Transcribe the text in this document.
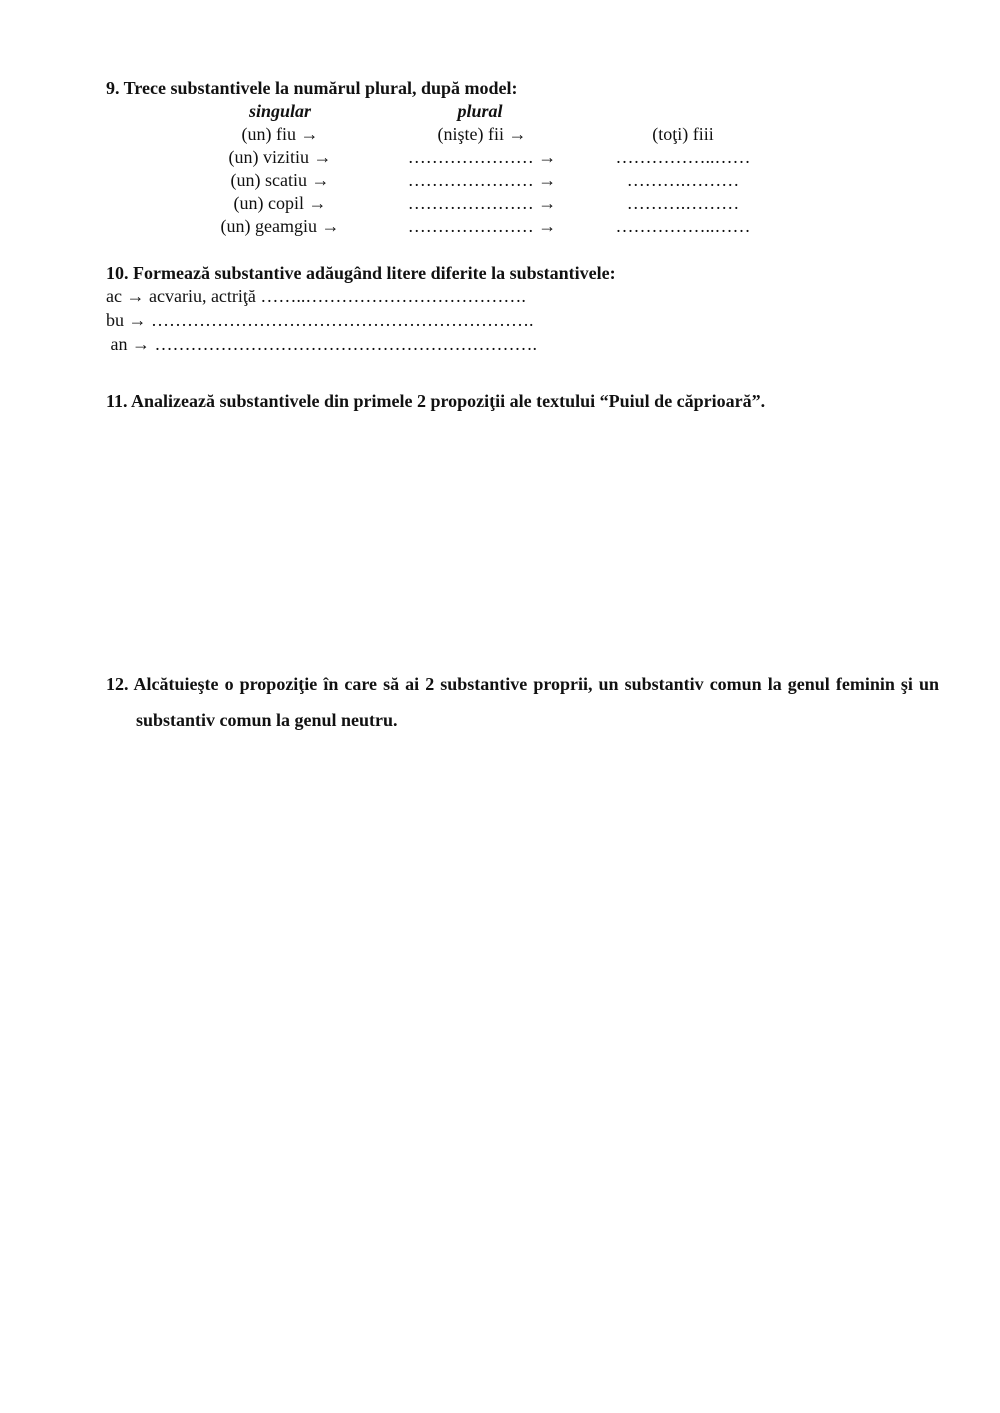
9. Trece substantivele la numărul plural, după model:
singular	plural
(un) fiu →	(nişte) fii →	(toţi) fiii
(un) vizitiu →	………………… →	……………..……
(un) scatiu →	………………… →	……….………
(un) copil →	………………… →	……….………
(un) geamgiu →	………………… →	……………..……
10. Formează substantive adăugând litere diferite la substantivele:
ac → acvariu, actriţă ……..……………………………….
bu → ……………………………………………………….
an → ……………………………………………………….
11. Analizează substantivele din primele 2 propoziţii ale textului “Puiul de căprioară”.
12. Alcătuieşte o propoziţie în care să ai 2 substantive proprii, un substantiv comun la genul feminin şi un substantiv comun la genul neutru.
